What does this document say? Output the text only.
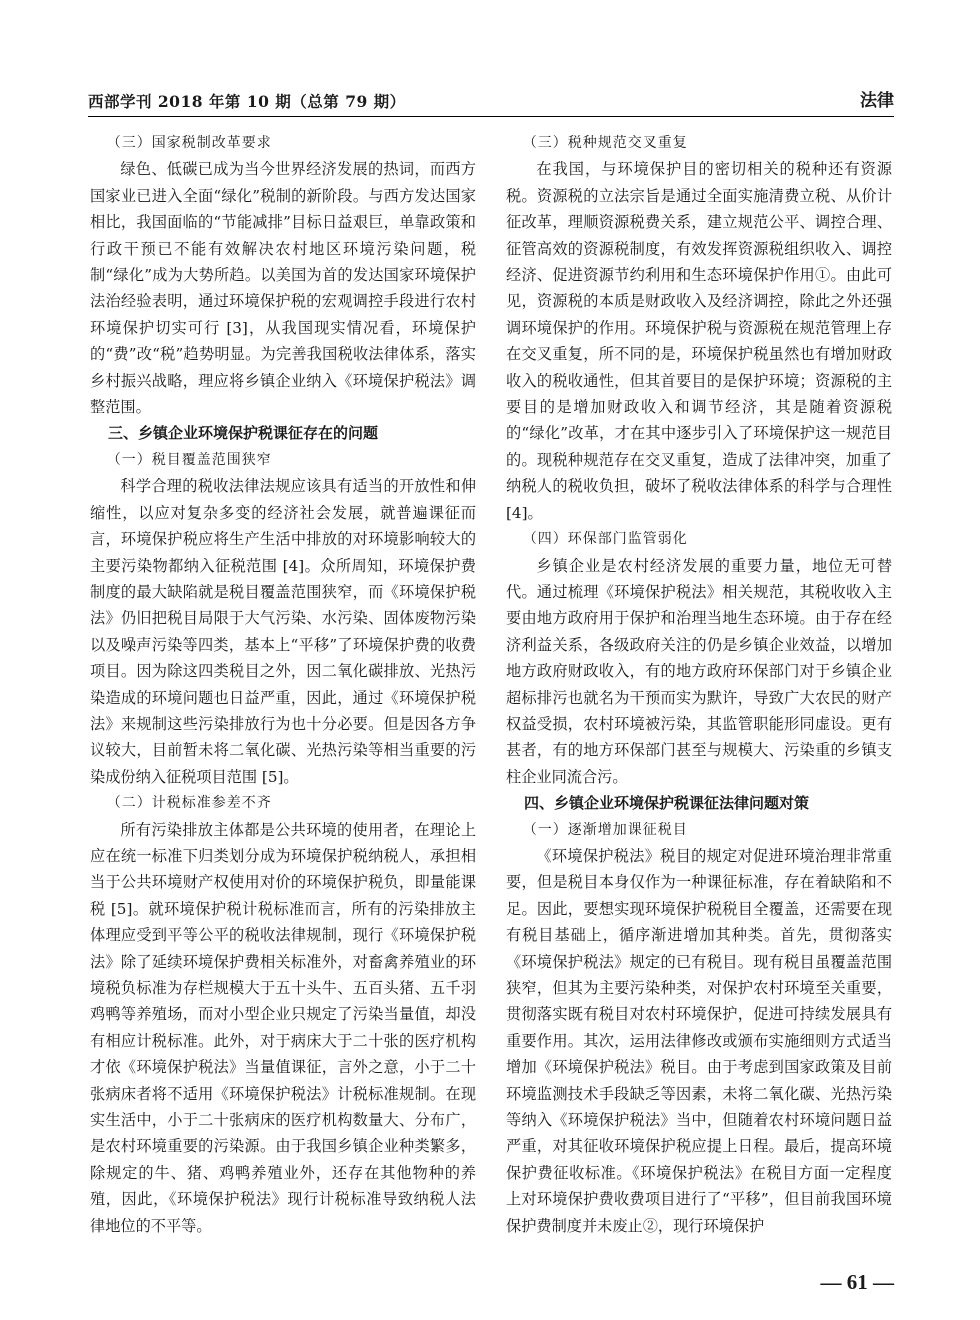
西部学刊 2018 年第 10 期（总第 79 期）	法律
（三）国家税制改革要求

绿色、低碳已成为当今世界经济发展的热词，而西方国家业已进入全面“绿化”税制的新阶段。与西方发达国家相比，我国面临的“节能减排”目标日益艰巨，单靠政策和行政干预已不能有效解决农村地区环境污染问题，税制“绿化”成为大势所趋。以美国为首的发达国家环境保护法治经验表明，通过环境保护税的宏观调控手段进行农村环境保护切实可行 [3]，从我国现实情况看，环境保护的“费”改“税”趋势明显。为完善我国税收法律体系，落实乡村振兴战略，理应将乡镇企业纳入《环境保护税法》调整范围。

三、乡镇企业环境保护税课征存在的问题
（一）税目覆盖范围狭窄

科学合理的税收法律法规应该具有适当的开放性和伸缩性，以应对复杂多变的经济社会发展，就普遍课征而言，环境保护税应将生产生活中排放的对环境影响较大的主要污染物都纳入征税范围 [4]。众所周知，环境保护费制度的最大缺陷就是税目覆盖范围狭窄，而《环境保护税法》仍旧把税目局限于大气污染、水污染、固体废物污染以及噪声污染等四类，基本上“平移”了环境保护费的收费项目。因为除这四类税目之外，因二氧化碳排放、光热污染造成的环境问题也日益严重，因此，通过《环境保护税法》来规制这些污染排放行为也十分必要。但是因各方争议较大，目前暂未将二氧化碳、光热污染等相当重要的污染成份纳入征税项目范围 [5]。

（二）计税标准参差不齐

所有污染排放主体都是公共环境的使用者，在理论上应在统一标准下归类划分成为环境保护税纳税人，承担相当于公共环境财产权使用对价的环境保护税负，即量能课税 [5]。就环境保护税计税标准而言，所有的污染排放主体理应受到平等公平的税收法律规制，现行《环境保护税法》除了延续环境保护费相关标准外，对畜禽养殖业的环境税负标准为存栏规模大于五十头牛、五百头猪、五千羽鸡鸭等养殖场，而对小型企业只规定了污染当量值，却没有相应计税标准。此外，对于病床大于二十张的医疗机构才依《环境保护税法》当量值课征，言外之意，小于二十张病床者将不适用《环境保护税法》计税标准规制。在现实生活中，小于二十张病床的医疗机构数量大、分布广，是农村环境重要的污染源。由于我国乡镇企业种类繁多，除规定的牛、猪、鸡鸭养殖业外，还存在其他物种的养殖，因此，《环境保护税法》现行计税标准导致纳税人法律地位的不平等。

（三）税种规范交叉重复

在我国，与环境保护目的密切相关的税种还有资源税。资源税的立法宗旨是通过全面实施清费立税、从价计征改革，理顺资源税费关系，建立规范公平、调控合理、征管高效的资源税制度，有效发挥资源税组织收入、调控经济、促进资源节约利用和生态环境保护作用①。由此可见，资源税的本质是财政收入及经济调控，除此之外还强调环境保护的作用。环境保护税与资源税在规范管理上存在交叉重复，所不同的是，环境保护税虽然也有增加财政收入的税收通性，但其首要目的是保护环境；资源税的主要目的是增加财政收入和调节经济，其是随着资源税的“绿化”改革，才在其中逐步引入了环境保护这一规范目的。现税种规范存在交叉重复，造成了法律冲突，加重了纳税人的税收负担，破坏了税收法律体系的科学与合理性 [4]。

（四）环保部门监管弱化

乡镇企业是农村经济发展的重要力量，地位无可替代。通过梳理《环境保护税法》相关规范，其税收收入主要由地方政府用于保护和治理当地生态环境。由于存在经济利益关系，各级政府关注的仍是乡镇企业效益，以增加地方政府财政收入，有的地方政府环保部门对于乡镇企业超标排污也就名为干预而实为默许，导致广大农民的财产权益受损，农村环境被污染，其监管职能形同虚设。更有甚者，有的地方环保部门甚至与规模大、污染重的乡镇支柱企业同流合污。

四、乡镇企业环境保护税课征法律问题对策
（一）逐渐增加课征税目

《环境保护税法》税目的规定对促进环境治理非常重要，但是税目本身仅作为一种课征标准，存在着缺陷和不足。因此，要想实现环境保护税税目全覆盖，还需要在现有税目基础上，循序渐进增加其种类。首先，贯彻落实《环境保护税法》规定的已有税目。现有税目虽覆盖范围狭窄，但其为主要污染种类，对保护农村环境至关重要，贯彻落实既有税目对农村环境保护，促进可持续发展具有重要作用。其次，运用法律修改或颁布实施细则方式适当增加《环境保护税法》税目。由于考虑到国家政策及目前环境监测技术手段缺乏等因素，未将二氧化碳、光热污染等纳入《环境保护税法》当中，但随着农村环境问题日益严重，对其征收环境保护税应提上日程。最后，提高环境保护费征收标准。《环境保护税法》在税目方面一定程度上对环境保护费收费项目进行了“平移”，但目前我国环境保护费制度并未废止②，现行环境保护

— 61 —
